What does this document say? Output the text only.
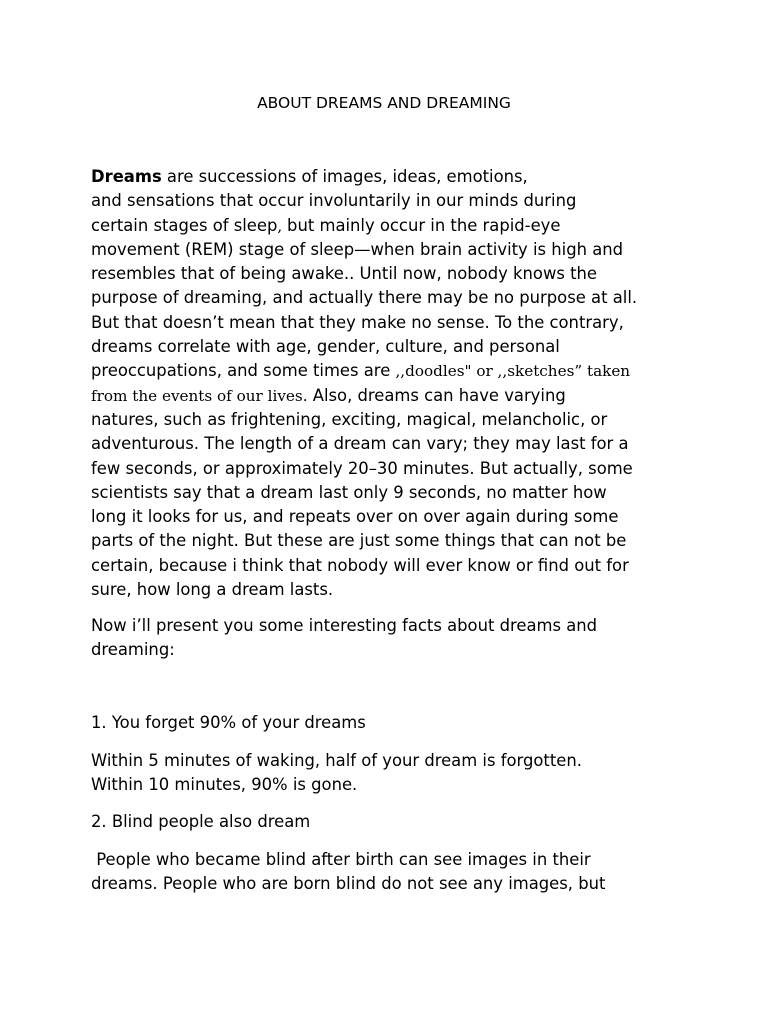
ABOUT DREAMS AND DREAMING
Dreams are successions of images, ideas, emotions,
and sensations that occur involuntarily in our minds during
certain stages of sleep, but mainly occur in the rapid-eye
movement (REM) stage of sleep—when brain activity is high and
resembles that of being awake.. Until now, nobody knows the
purpose of dreaming, and actually there may be no purpose at all.
But that doesn’t mean that they make no sense. To the contrary,
dreams correlate with age, gender, culture, and personal
preoccupations, and some times are ,,doodles" or ,,sketches” taken
from the events of our lives. Also, dreams can have varying
natures, such as frightening, exciting, magical, melancholic, or
adventurous. The length of a dream can vary; they may last for a
few seconds, or approximately 20–30 minutes. But actually, some
scientists say that a dream last only 9 seconds, no matter how
long it looks for us, and repeats over on over again during some
parts of the night. But these are just some things that can not be
certain, because i think that nobody will ever know or find out for
sure, how long a dream lasts.
Now i’ll present you some interesting facts about dreams and
dreaming:
1. You forget 90% of your dreams
Within 5 minutes of waking, half of your dream is forgotten.
Within 10 minutes, 90% is gone.
2. Blind people also dream
People who became blind after birth can see images in their
dreams. People who are born blind do not see any images, but
